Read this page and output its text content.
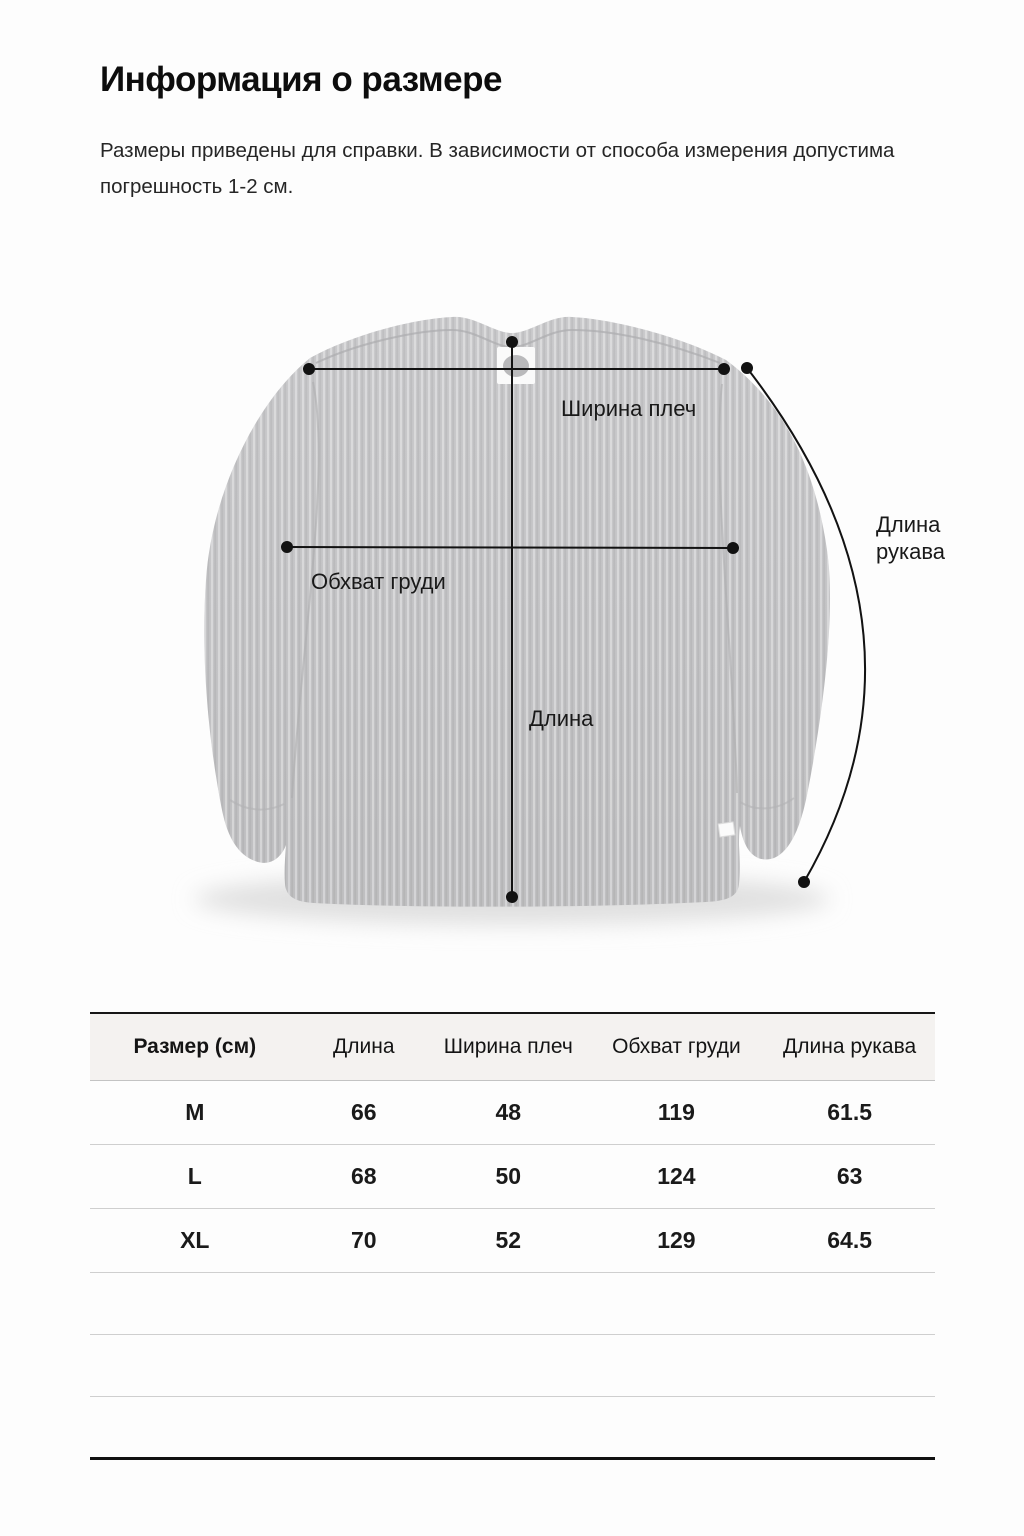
Информация о размере

Размеры приведены для справки. В зависимости от способа измерения допустима погрешность 1-2 см.

Ширина плеч
Обхват груди
Длина
Длина рукава
Размер (см)	Длина	Ширина плеч	Обхват груди	Длина рукава
M	66	48	119	61.5
L	68	50	124	63
XL	70	52	129	64.5
